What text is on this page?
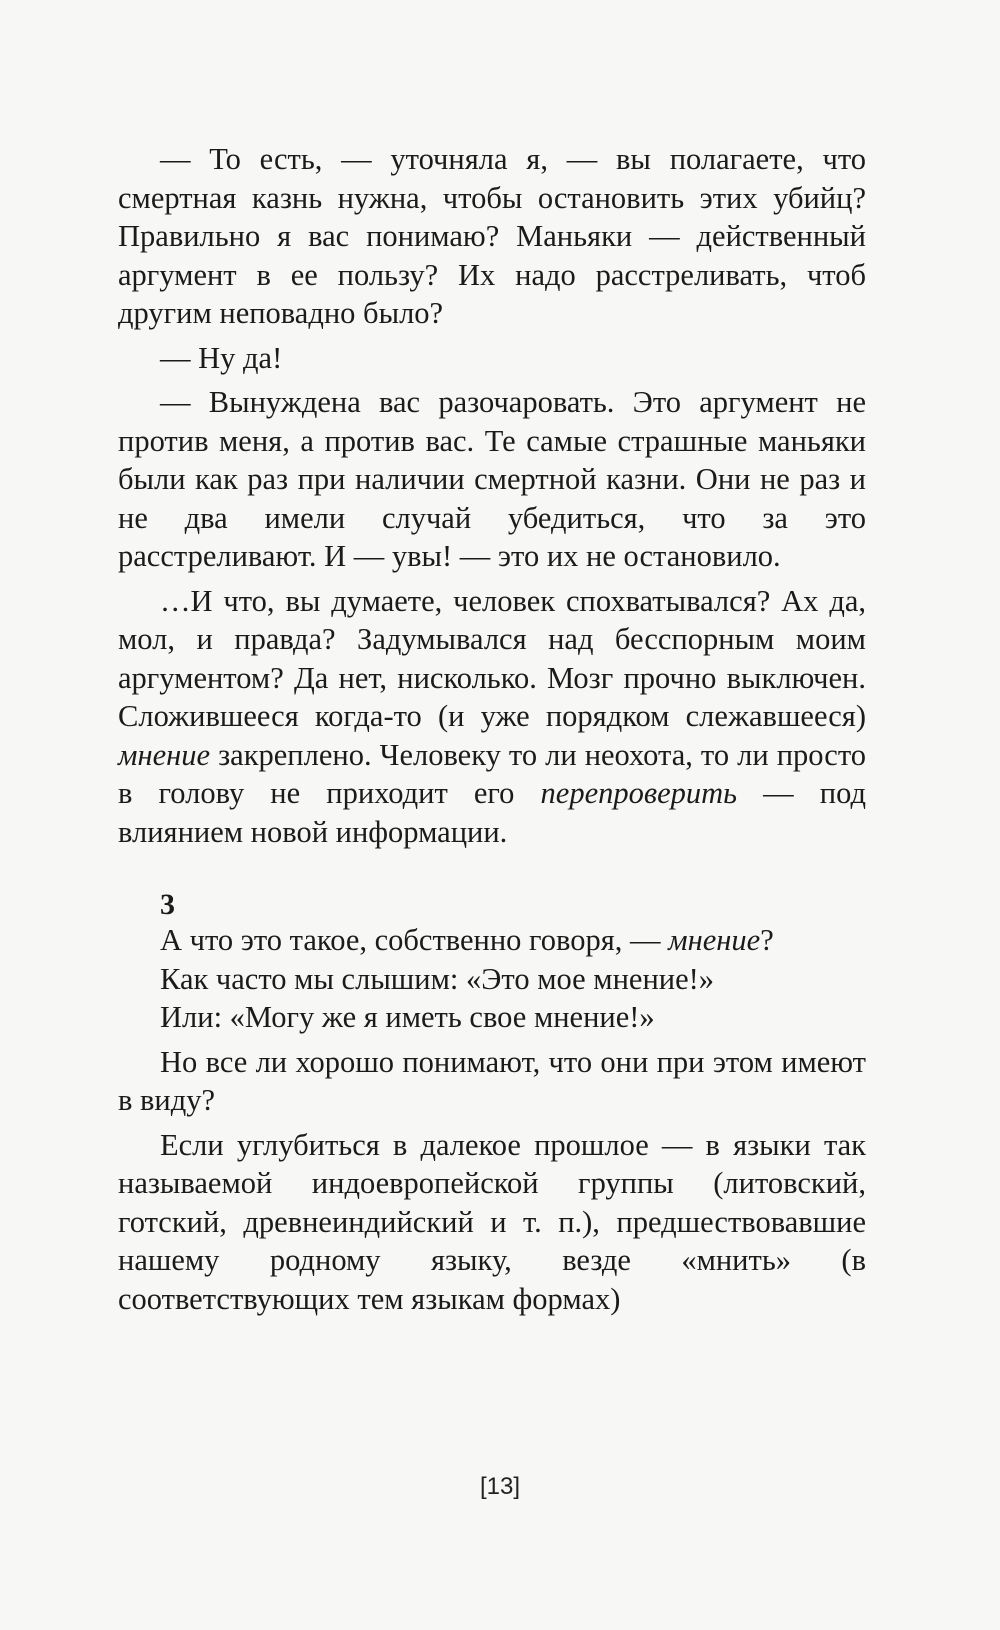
— То есть, — уточняла я, — вы полагаете, что смертная казнь нужна, чтобы остановить этих убийц? Правильно я вас понимаю? Маньяки — действенный аргумент в ее пользу? Их надо расстреливать, чтоб другим неповадно было?

— Ну да!

— Вынуждена вас разочаровать. Это аргумент не против меня, а против вас. Те самые страшные маньяки были как раз при наличии смертной казни. Они не раз и не два имели случай убедиться, что за это расстреливают. И — увы! — это их не остановило.

…И что, вы думаете, человек спохватывался? Ах да, мол, и правда? Задумывался над бесспорным моим аргументом? Да нет, нисколько. Мозг прочно выключен. Сложившееся когда-то (и уже порядком слежавшееся) мнение закреплено. Человеку то ли неохота, то ли просто в голову не приходит его перепроверить — под влиянием новой информации.

3

А что это такое, собственно говоря, — мнение?

Как часто мы слышим: «Это мое мнение!»

Или: «Могу же я иметь свое мнение!»

Но все ли хорошо понимают, что они при этом имеют в виду?

Если углубиться в далекое прошлое — в языки так называемой индоевропейской группы (литовский, готский, древнеиндийский и т. п.), предшествовавшие нашему родному языку, везде «мнить» (в соответствующих тем языкам формах)

[13]
